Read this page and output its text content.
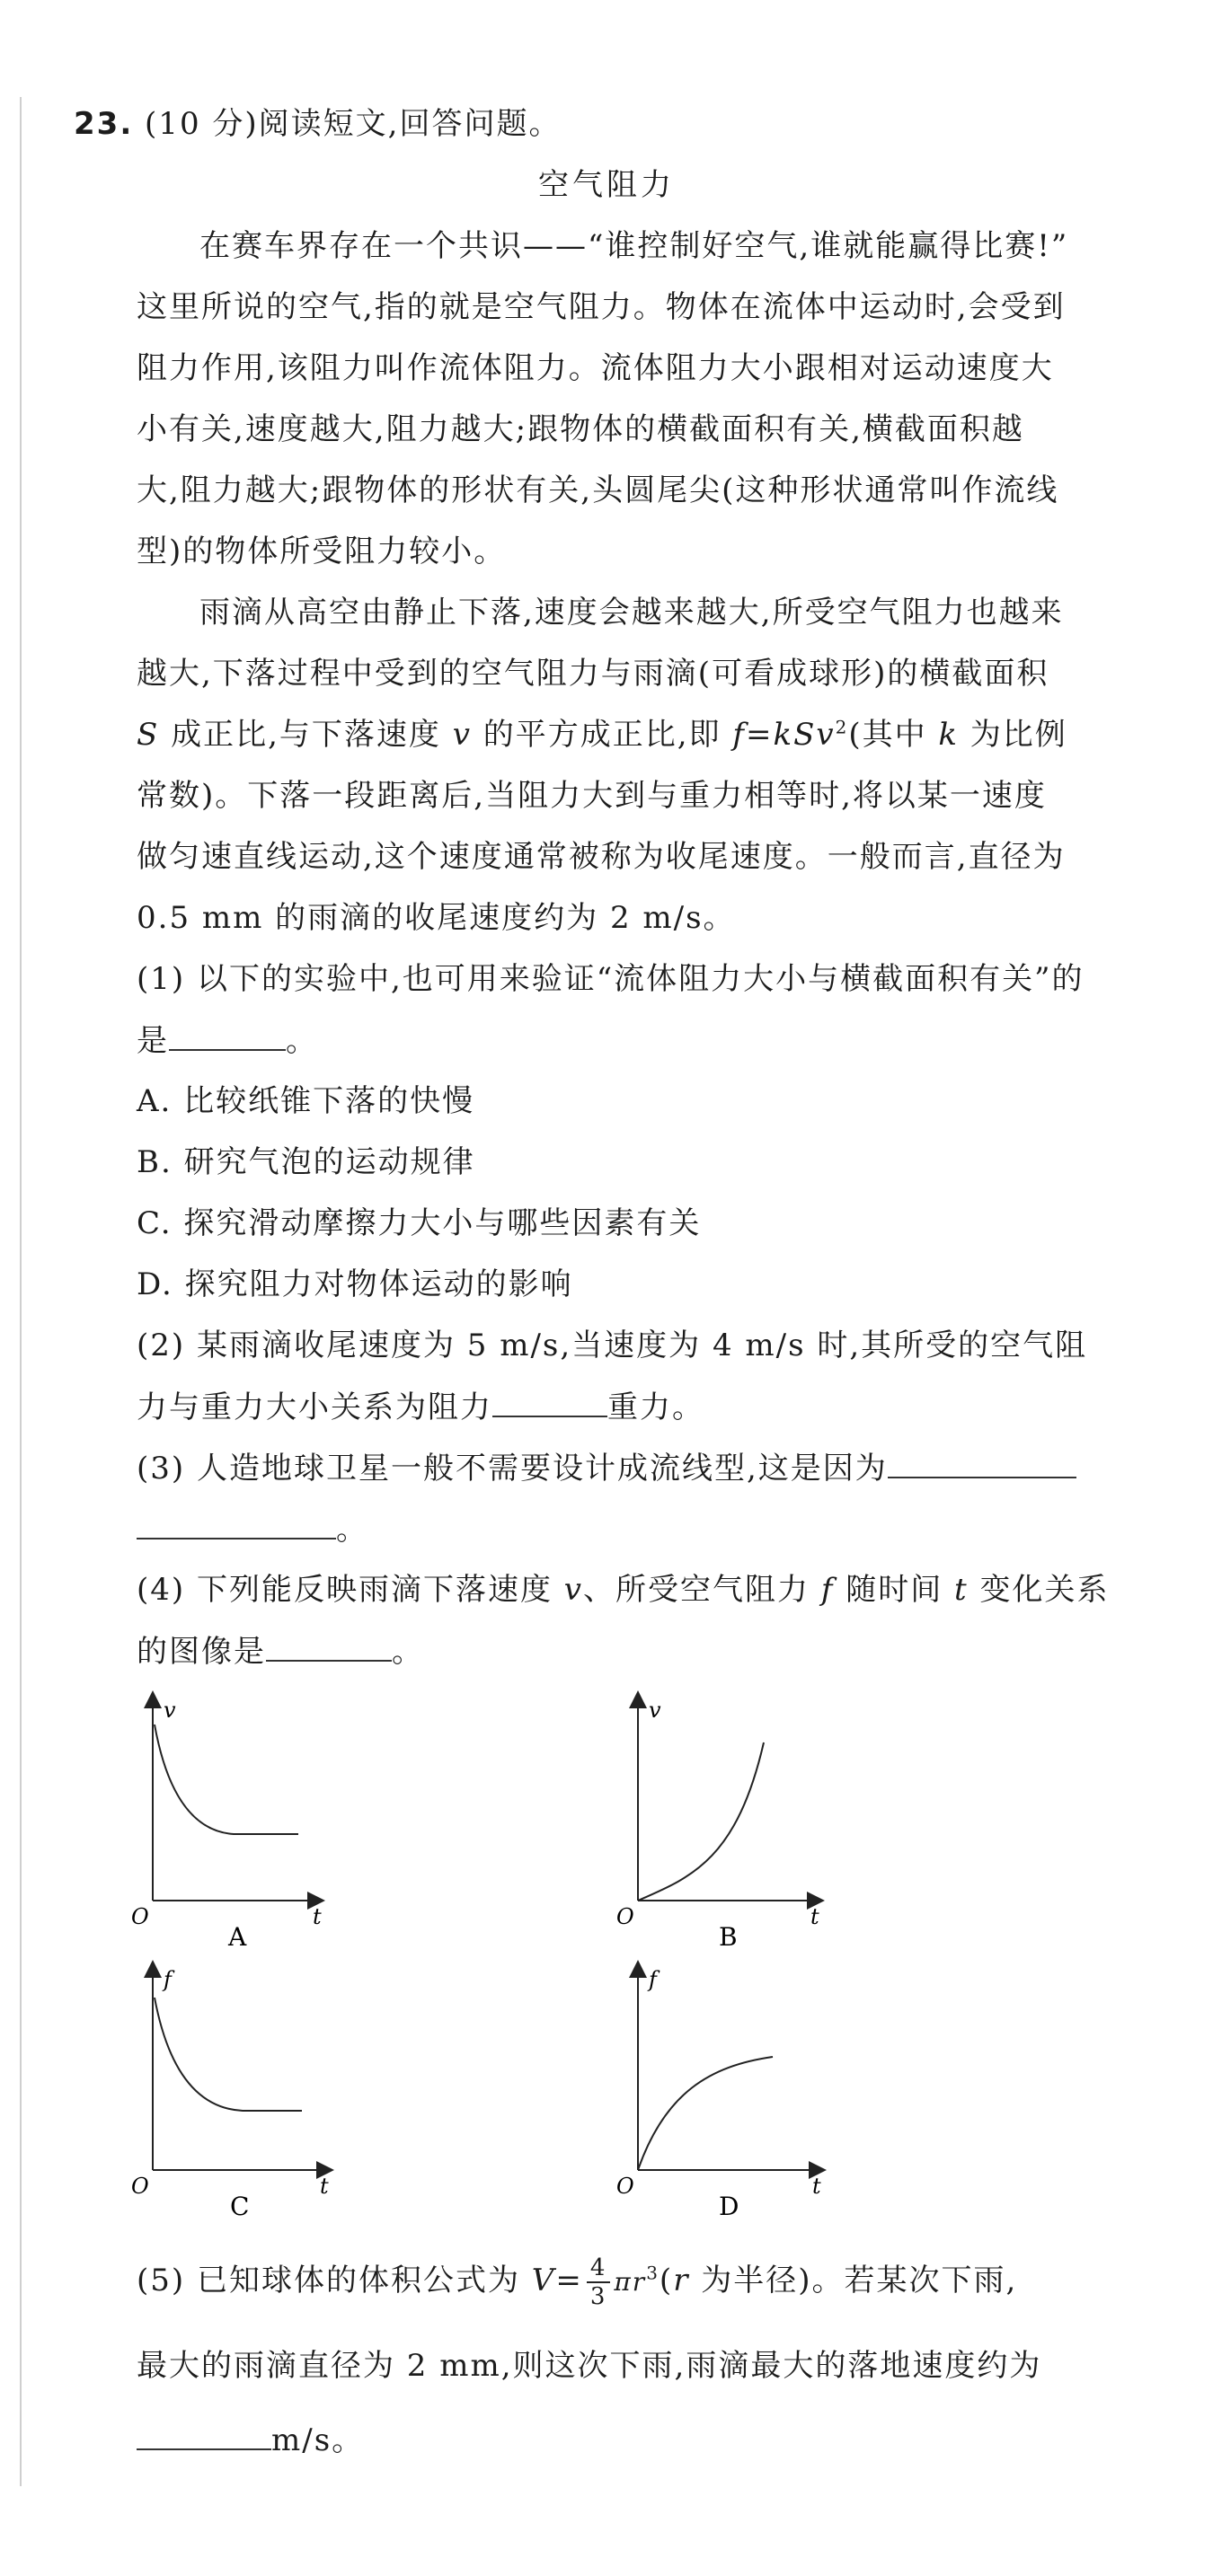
23. (10 分)阅读短文,回答问题。
空气阻力
在赛车界存在一个共识——“谁控制好空气,谁就能赢得比赛!”
这里所说的空气,指的就是空气阻力。物体在流体中运动时,会受到
阻力作用,该阻力叫作流体阻力。流体阻力大小跟相对运动速度大
小有关,速度越大,阻力越大;跟物体的横截面积有关,横截面积越
大,阻力越大;跟物体的形状有关,头圆尾尖(这种形状通常叫作流线
型)的物体所受阻力较小。
雨滴从高空由静止下落,速度会越来越大,所受空气阻力也越来
越大,下落过程中受到的空气阻力与雨滴(可看成球形)的横截面积
S 成正比,与下落速度 v 的平方成正比,即 f=kSv$^2$(其中 k 为比例
常数)。下落一段距离后,当阻力大到与重力相等时,将以某一速度
做匀速直线运动,这个速度通常被称为收尾速度。一般而言,直径为
0.5 mm 的雨滴的收尾速度约为 2 m/s。
(1) 以下的实验中,也可用来验证“流体阻力大小与横截面积有关”的
是	。
A. 比较纸锥下落的快慢
B. 研究气泡的运动规律
C. 探究滑动摩擦力大小与哪些因素有关
D. 探究阻力对物体运动的影响
(2) 某雨滴收尾速度为 5 m/s,当速度为 4 m/s 时,其所受的空气阻
力与重力大小关系为阻力	重力。
(3) 人造地球卫星一般不需要设计成流线型,这是因为
。
(4) 下列能反映雨滴下落速度 v、所受空气阻力 f 随时间 t 变化关系
的图像是	。
v
O	t
A
v
O	t
B
f
O	t
C
f
O	t
D
(5) 已知球体的体积公式为 $V= \frac{4}{3} \pi r^3(r$ 为半径)。若某次下雨,
最大的雨滴直径为 2 mm,则这次下雨,雨滴最大的落地速度约为
m/s。
